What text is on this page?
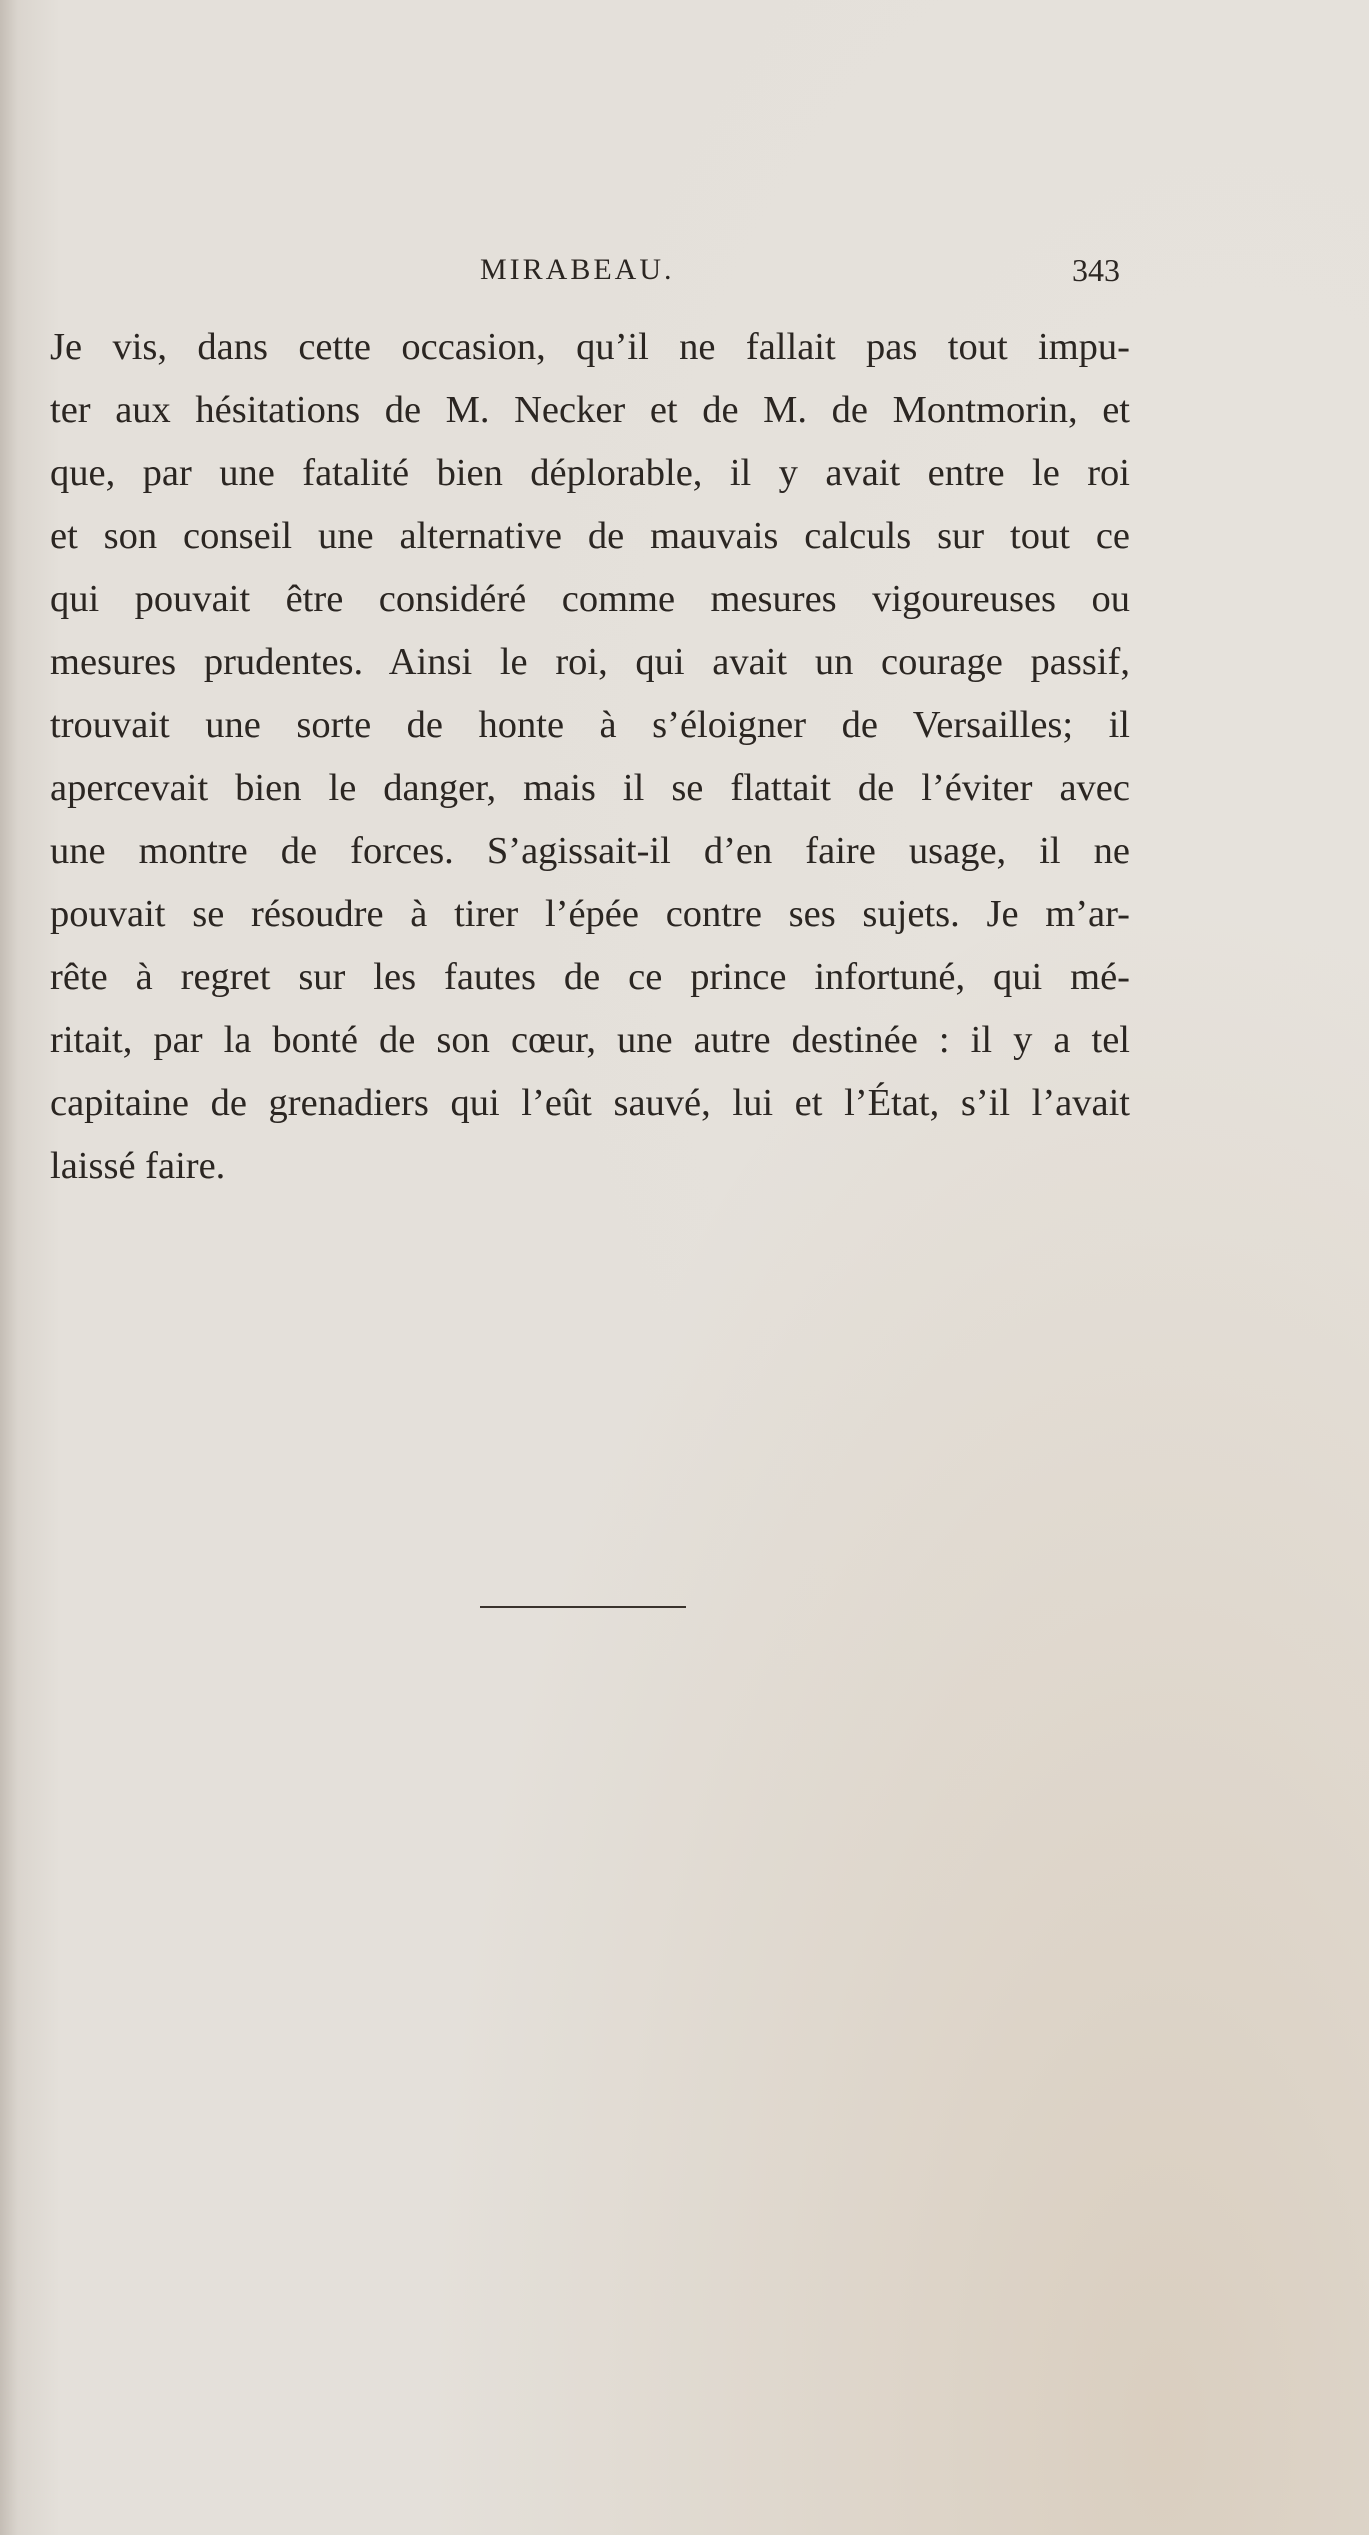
MIRABEAU.	343
Je vis, dans cette occasion, qu’il ne fallait pas tout impu-
ter aux hésitations de M. Necker et de M. de Montmorin, et
que, par une fatalité bien déplorable, il y avait entre le roi
et son conseil une alternative de mauvais calculs sur tout ce
qui pouvait être considéré comme mesures vigoureuses ou
mesures prudentes. Ainsi le roi, qui avait un courage passif,
trouvait une sorte de honte à s’éloigner de Versailles; il
apercevait bien le danger, mais il se flattait de l’éviter avec
une montre de forces. S’agissait-il d’en faire usage, il ne
pouvait se résoudre à tirer l’épée contre ses sujets. Je m’ar-
rête à regret sur les fautes de ce prince infortuné, qui mé-
ritait, par la bonté de son cœur, une autre destinée : il y a tel
capitaine de grenadiers qui l’eût sauvé, lui et l’État, s’il l’avait
laissé faire.
